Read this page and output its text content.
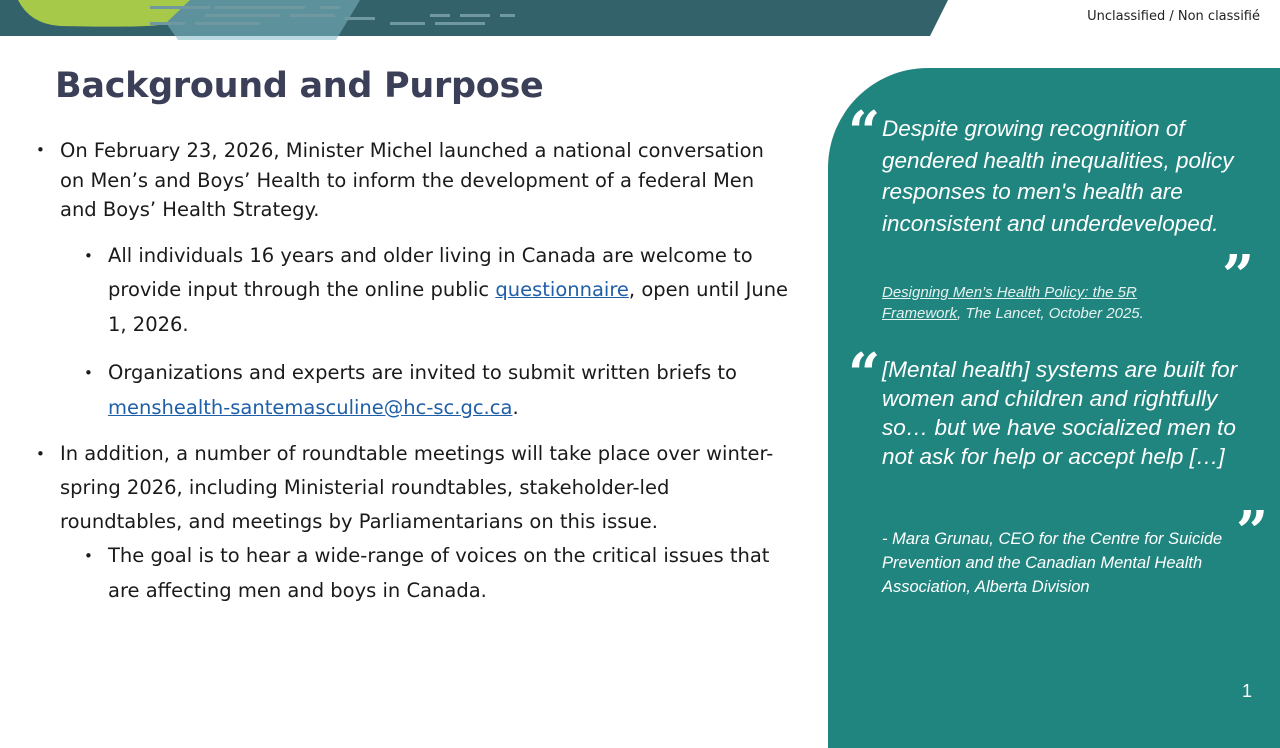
Unclassified / Non classifié
Background and Purpose
• On February 23, 2026, Minister Michel launched a national conversation on Men’s and Boys’ Health to inform the development of a federal Men and Boys’ Health Strategy.
• All individuals 16 years and older living in Canada are welcome to provide input through the online public questionnaire, open until June 1, 2026.
• Organizations and experts are invited to submit written briefs to menshealth-santemasculine@hc-sc.gc.ca.
• In addition, a number of roundtable meetings will take place over winter-spring 2026, including Ministerial roundtables, stakeholder-led roundtables, and meetings by Parliamentarians on this issue.
• The goal is to hear a wide-range of voices on the critical issues that are affecting men and boys in Canada.
“ Despite growing recognition of gendered health inequalities, policy responses to men's health are inconsistent and underdeveloped.
”
Designing Men’s Health Policy: the 5R Framework, The Lancet, October 2025.
“ [Mental health] systems are built for women and children and rightfully so… but we have socialized men to not ask for help or accept help […]
”
- Mara Grunau, CEO for the Centre for Suicide Prevention and the Canadian Mental Health Association, Alberta Division
1
